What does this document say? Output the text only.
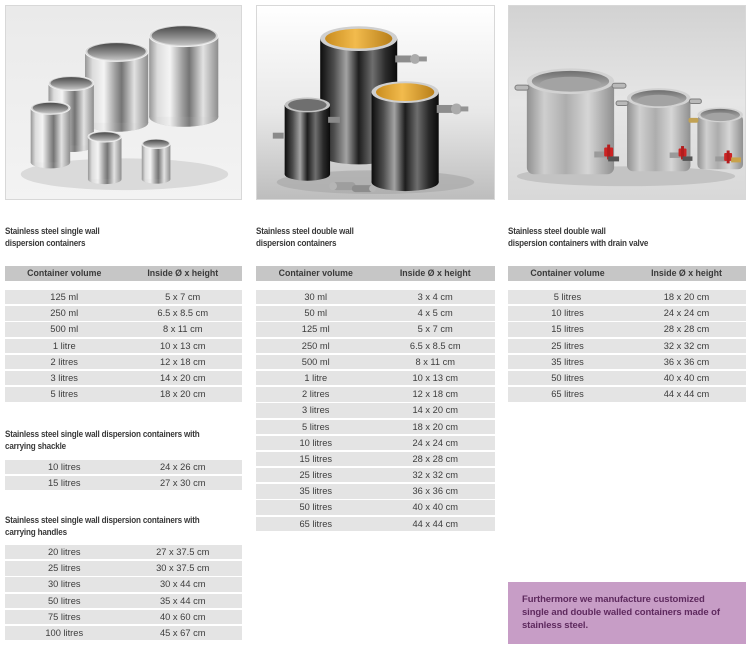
Stainless steel single wall
dispersion containers
Container volume	Inside Ø x height
125 ml	5 x 7 cm
250 ml	6.5 x 8.5 cm
500 ml	8 x 11 cm
1 litre	10 x 13 cm
2 litres	12 x 18 cm
3 litres	14 x 20 cm
5 litres	18 x 20 cm
Stainless steel single wall dispersion containers with
carrying shackle
10 litres	24 x 26 cm
15 litres	27 x 30 cm
Stainless steel single wall dispersion containers with
carrying handles
20 litres	27 x 37.5 cm
25 litres	30 x 37.5 cm
30 litres	30 x 44 cm
50 litres	35 x 44 cm
75 litres	40 x 60 cm
100 litres	45 x 67 cm
Stainless steel double wall
dispersion containers
Container volume	Inside Ø x height
30 ml	3 x 4 cm
50 ml	4 x 5 cm
125 ml	5 x 7 cm
250 ml	6.5 x 8.5 cm
500 ml	8 x 11 cm
1 litre	10 x 13 cm
2 litres	12 x 18 cm
3 litres	14 x 20 cm
5 litres	18 x 20 cm
10 litres	24 x 24 cm
15 litres	28 x 28 cm
25 litres	32 x 32 cm
35 litres	36 x 36 cm
50 litres	40 x 40 cm
65 litres	44 x 44 cm
Stainless steel double wall
dispersion containers with drain valve
Container volume	Inside Ø x height
5 litres	18 x 20 cm
10 litres	24 x 24 cm
15 litres	28 x 28 cm
25 litres	32 x 32 cm
35 litres	36 x 36 cm
50 litres	40 x 40 cm
65 litres	44 x 44 cm
Furthermore we manufacture customized single and double walled containers made of stainless steel.
